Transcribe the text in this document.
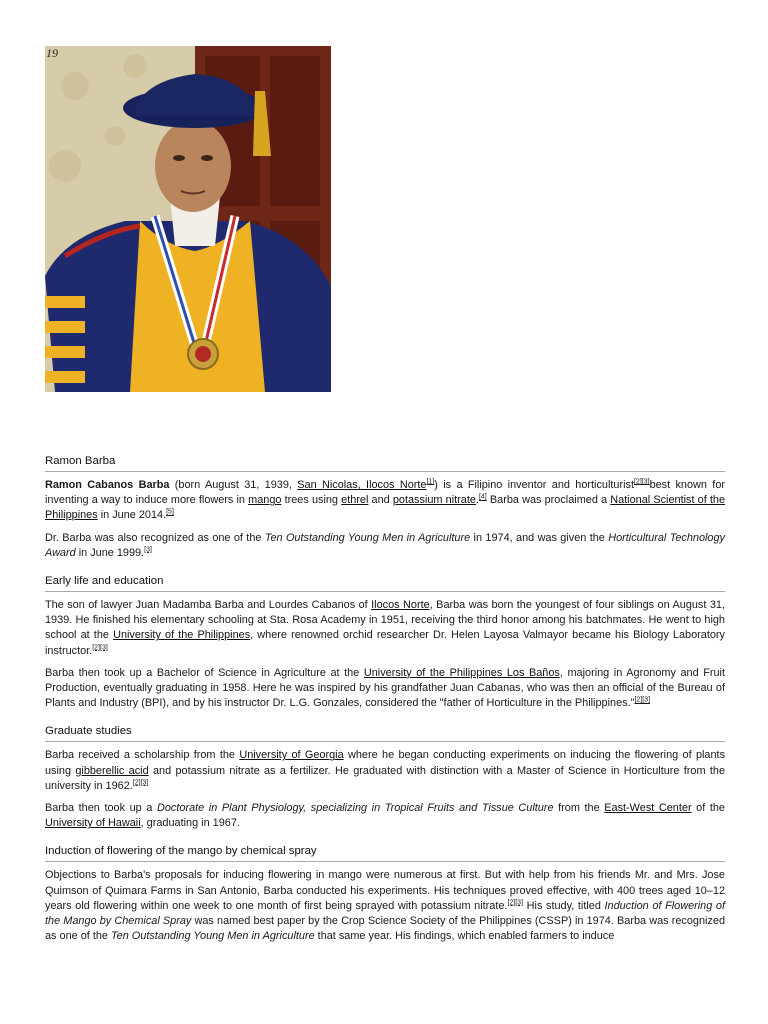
19
Ramon Barba

Ramon Cabanos Barba (born August 31, 1939, San Nicolas, Ilocos Norte[1]) is a Filipino inventor and horticulturist[2][3]best known for inventing a way to induce more flowers in mango trees using ethrel and potassium nitrate.[4] Barba was proclaimed a National Scientist of the Philippines in June 2014.[5]

Dr. Barba was also recognized as one of the Ten Outstanding Young Men in Agriculture in 1974, and was given the Horticultural Technology Award in June 1999.[3]

Early life and education

The son of lawyer Juan Madamba Barba and Lourdes Cabanos of Ilocos Norte, Barba was born the youngest of four siblings on August 31, 1939. He finished his elementary schooling at Sta. Rosa Academy in 1951, receiving the third honor among his batchmates. He went to high school at the University of the Philippines, where renowned orchid researcher Dr. Helen Layosa Valmayor became his Biology Laboratory instructor.[2][3]

Barba then took up a Bachelor of Science in Agriculture at the University of the Philippines Los Baños, majoring in Agronomy and Fruit Production, eventually graduating in 1958. Here he was inspired by his grandfather Juan Cabanas, who was then an official of the Bureau of Plants and Industry (BPI), and by his instructor Dr. L.G. Gonzales, considered the "father of Horticulture in the Philippines."[2][3]

Graduate studies

Barba received a scholarship from the University of Georgia where he began conducting experiments on inducing the flowering of plants using gibberellic acid and potassium nitrate as a fertilizer. He graduated with distinction with a Master of Science in Horticulture from the university in 1962.[2][3]

Barba then took up a Doctorate in Plant Physiology, specializing in Tropical Fruits and Tissue Culture from the East-West Center of the University of Hawaii, graduating in 1967.

Induction of flowering of the mango by chemical spray

Objections to Barba's proposals for inducing flowering in mango were numerous at first. But with help from his friends Mr. and Mrs. Jose Quimson of Quimara Farms in San Antonio, Barba conducted his experiments. His techniques proved effective, with 400 trees aged 10–12 years old flowering within one week to one month of first being sprayed with potassium nitrate.[2][3] His study, titled Induction of Flowering of the Mango by Chemical Spray was named best paper by the Crop Science Society of the Philippines (CSSP) in 1974. Barba was recognized as one of the Ten Outstanding Young Men in Agriculture that same year. His findings, which enabled farmers to induce
